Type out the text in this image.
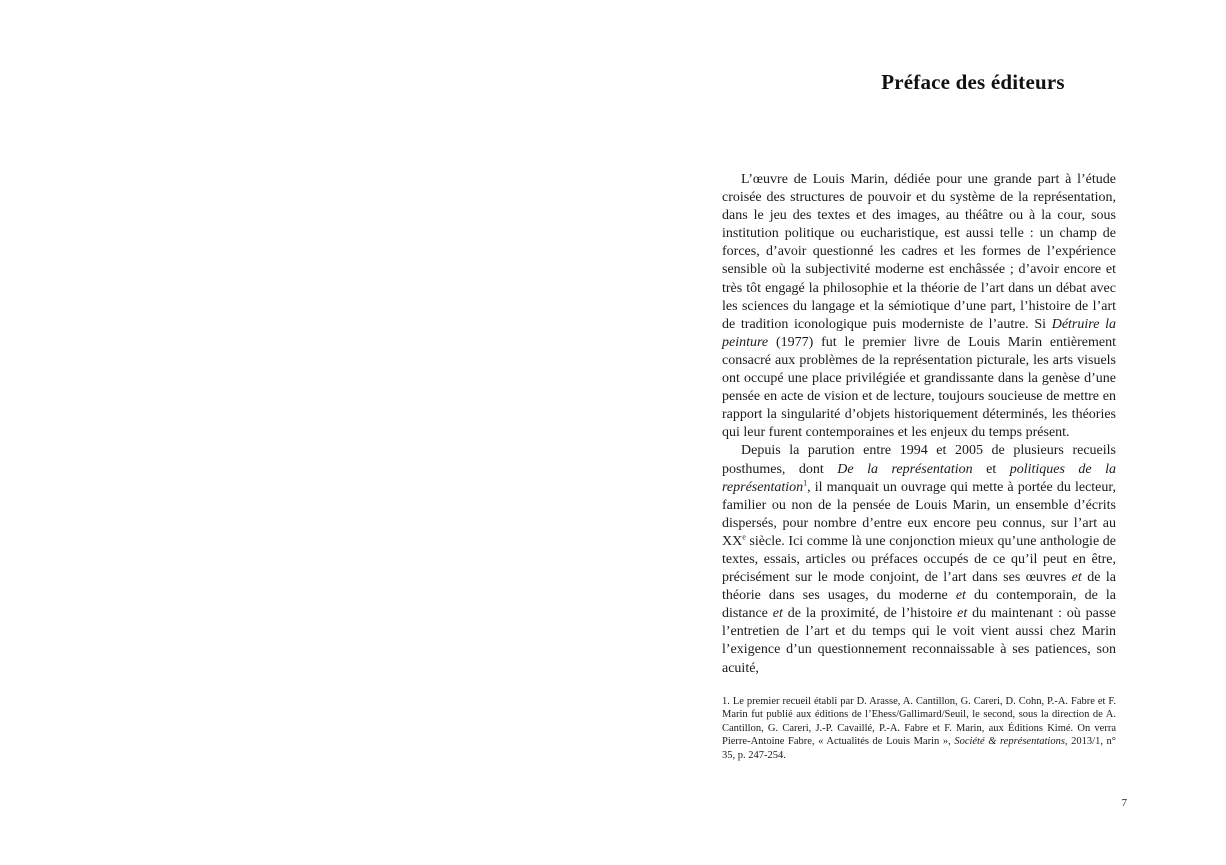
Préface des éditeurs

L’œuvre de Louis Marin, dédiée pour une grande part à l’étude croisée des structures de pouvoir et du système de la représentation, dans le jeu des textes et des images, au théâtre ou à la cour, sous institution politique ou eucharistique, est aussi telle : un champ de forces, d’avoir questionné les cadres et les formes de l’expérience sensible où la subjectivité moderne est enchâssée ; d’avoir encore et très tôt engagé la philosophie et la théorie de l’art dans un débat avec les sciences du langage et la sémiotique d’une part, l’histoire de l’art de tradition iconologique puis moderniste de l’autre. Si Détruire la peinture (1977) fut le premier livre de Louis Marin entièrement consacré aux problèmes de la représentation picturale, les arts visuels ont occupé une place privilégiée et grandissante dans la genèse d’une pensée en acte de vision et de lecture, toujours soucieuse de mettre en rapport la singularité d’objets historiquement déterminés, les théories qui leur furent contemporaines et les enjeux du temps présent.

Depuis la parution entre 1994 et 2005 de plusieurs recueils posthumes, dont De la représentation et politiques de la représentation$^1$, il manquait un ouvrage qui mette à portée du lecteur, familier ou non de la pensée de Louis Marin, un ensemble d’écrits dispersés, pour nombre d’entre eux encore peu connus, sur l’art au XXe siècle. Ici comme là une conjonction mieux qu’une anthologie de textes, essais, articles ou préfaces occupés de ce qu’il peut en être, précisément sur le mode conjoint, de l’art dans ses œuvres et de la théorie dans ses usages, du moderne et du contemporain, de la distance et de la proximité, de l’histoire et du maintenant : où passe l’entretien de l’art et du temps qui le voit vient aussi chez Marin l’exigence d’un questionnement reconnaissable à ses patiences, son acuité,

1. Le premier recueil établi par D. Arasse, A. Cantillon, G. Careri, D. Cohn, P.-A. Fabre et F. Marin fut publié aux éditions de l’Ehess/Gallimard/Seuil, le second, sous la direction de A. Cantillon, G. Careri, J.-P. Cavaillé, P.-A. Fabre et F. Marin, aux Éditions Kimé. On verra Pierre-Antoine Fabre, « Actualités de Louis Marin », Société & représentations, 2013/1, n° 35, p. 247-254.
7
